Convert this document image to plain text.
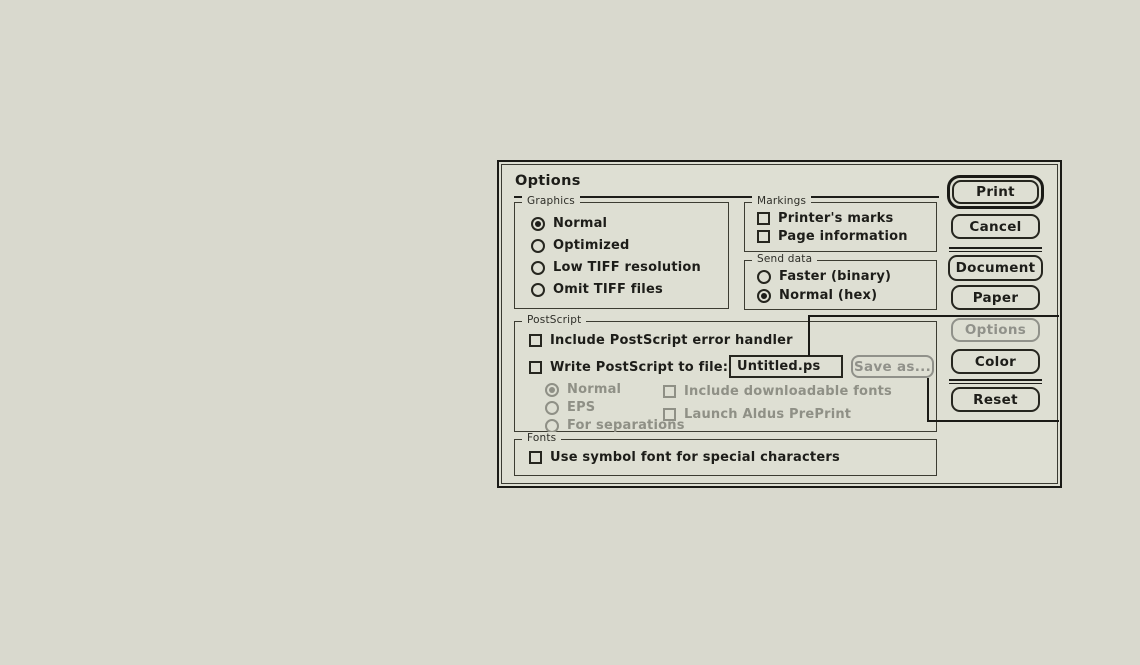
Options
Graphics
Normal
Optimized
Low TIFF resolution
Omit TIFF files
Markings
Printer's marks
Page information
Send data
Faster (binary)
Normal (hex)
PostScript
Include PostScript error handler
Write PostScript to file:
Normal
EPS
For separations
Include downloadable fonts
Launch Aldus PrePrint
Untitled.ps Save as...
Fonts
Use symbol font for special characters
Print
Cancel
Document
Paper
Options
Color
Reset
